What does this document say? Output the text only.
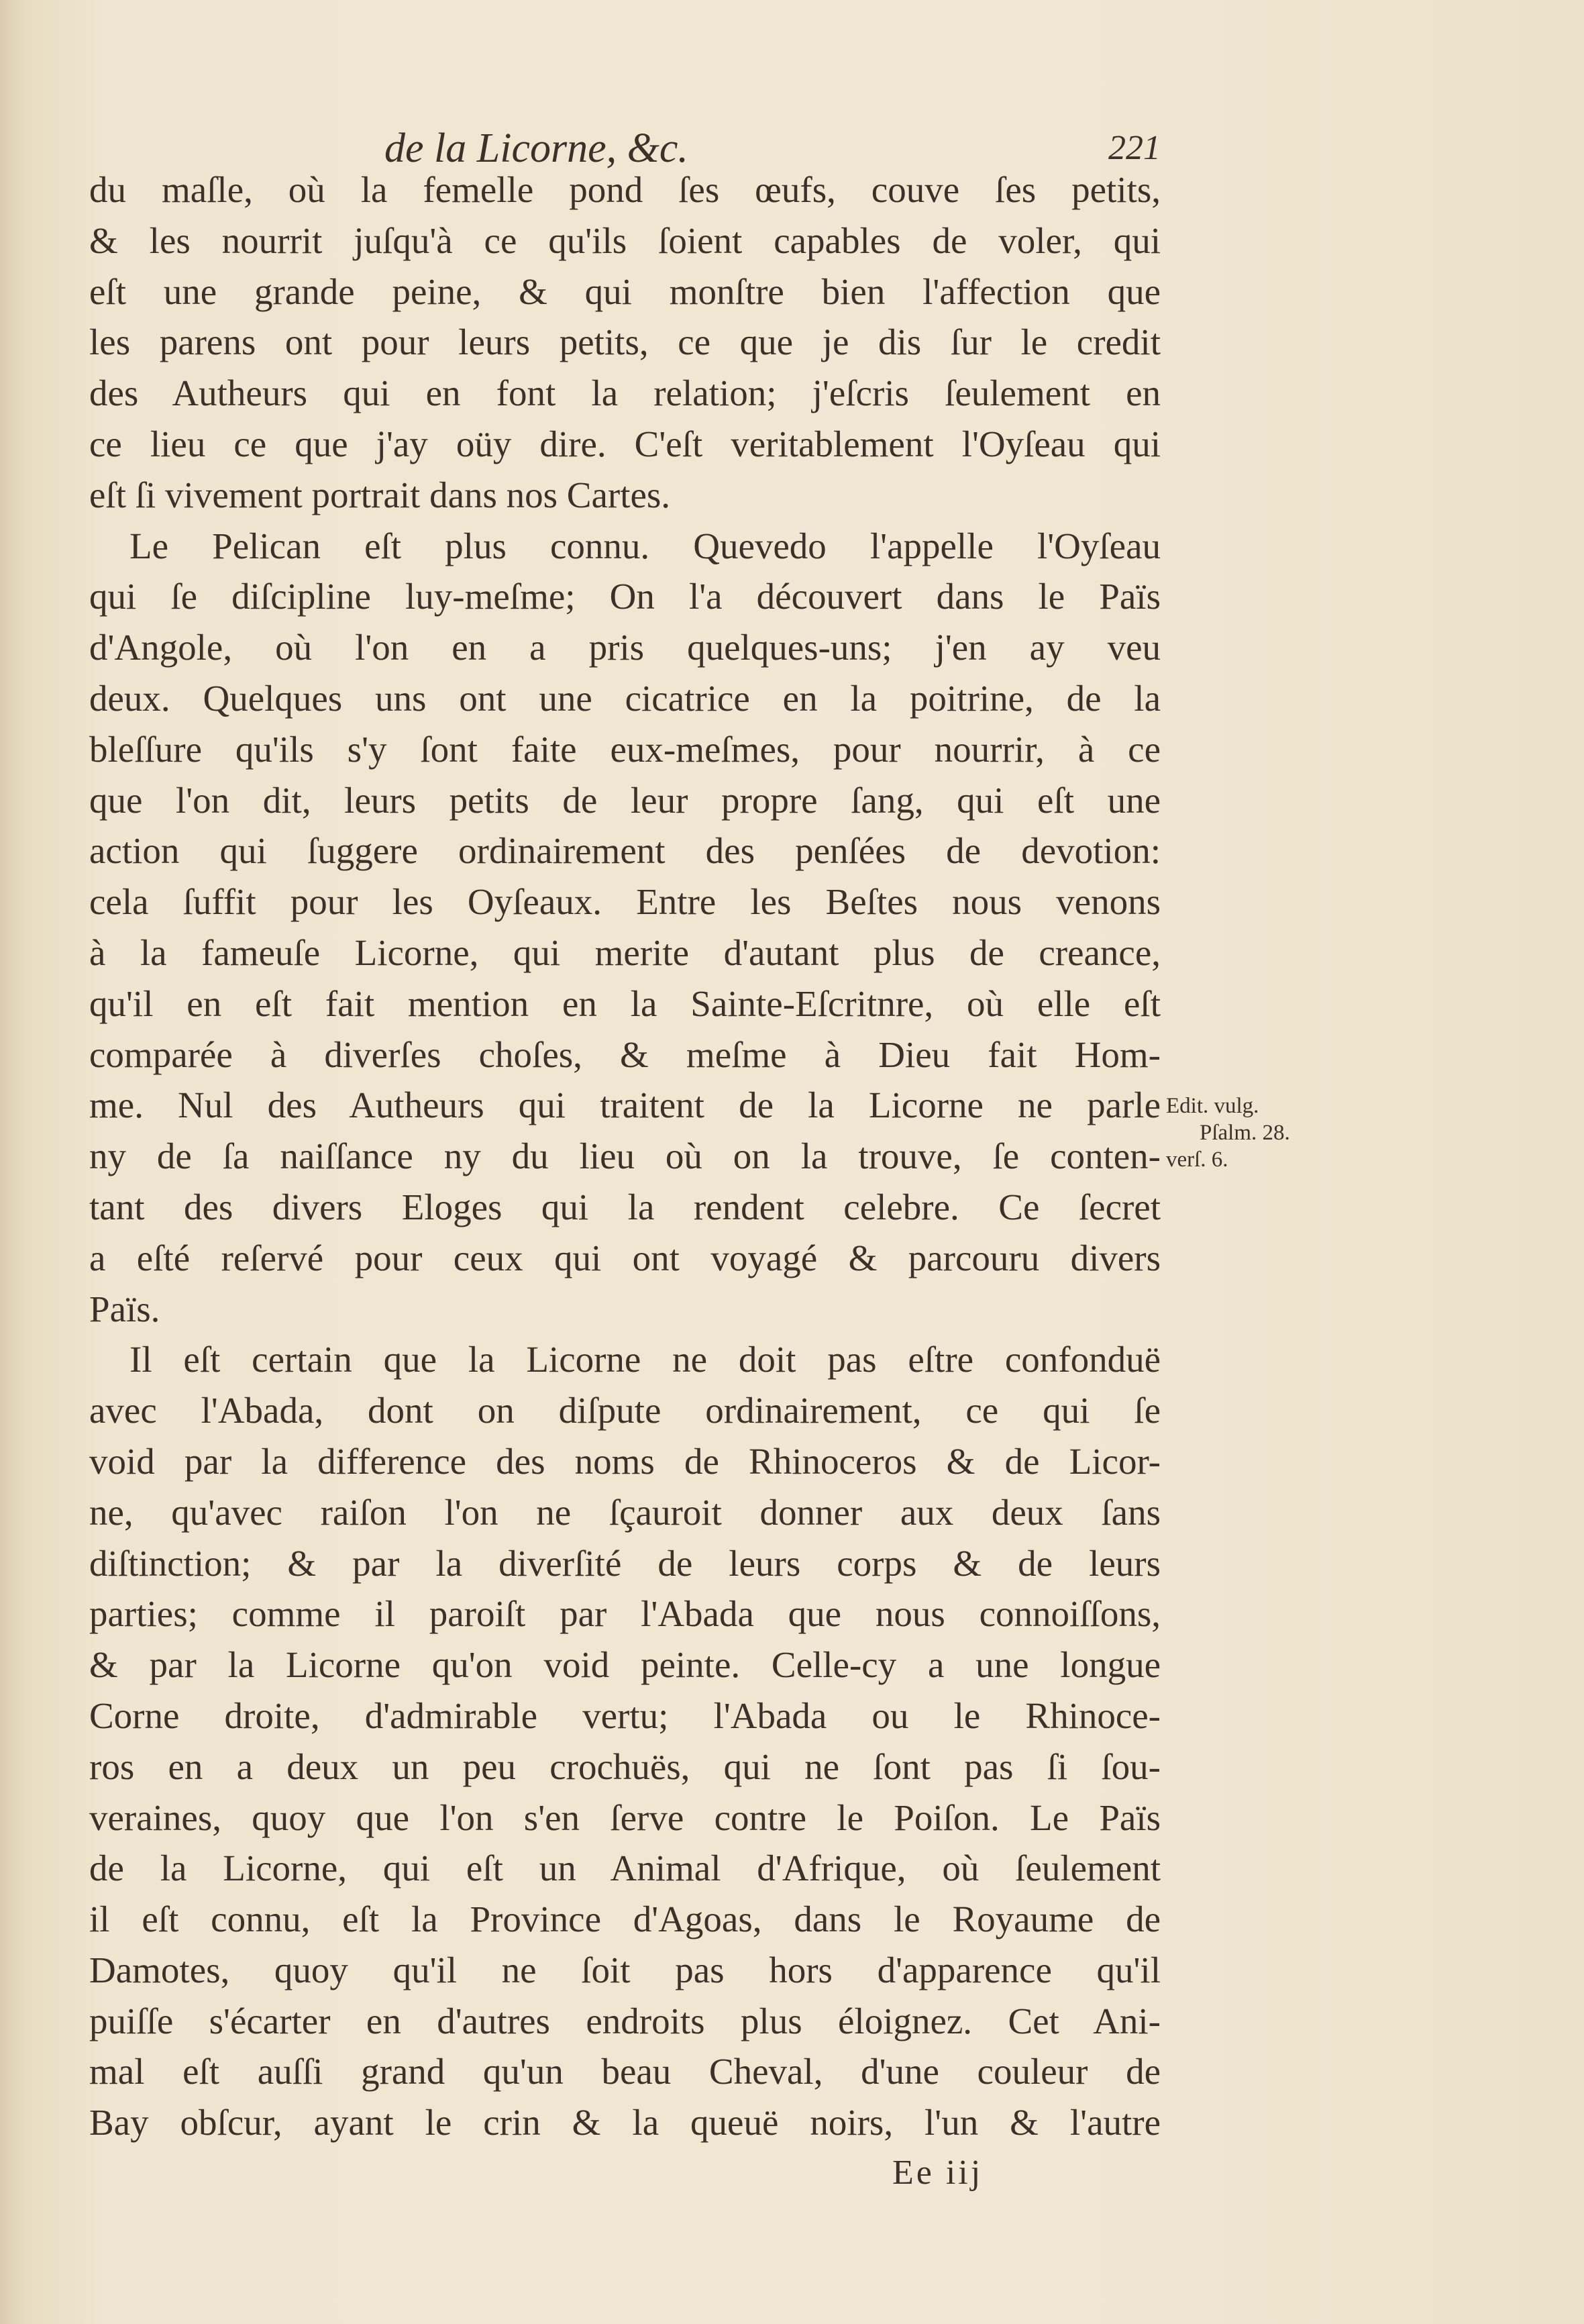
de la Licorne, &c.	221
du maſle, où la femelle pond ſes œufs, couve ſes petits,
& les nourrit juſqu'à ce qu'ils ſoient capables de voler, qui
eſt une grande peine, & qui monſtre bien l'affection que
les parens ont pour leurs petits, ce que je dis ſur le credit
des Autheurs qui en font la relation; j'eſcris ſeulement en
ce lieu ce que j'ay oüy dire. C'eſt veritablement l'Oyſeau qui
eſt ſi vivement portrait dans nos Cartes.
Le Pelican eſt plus connu. Quevedo l'appelle l'Oyſeau
qui ſe diſcipline luy-meſme; On l'a découvert dans le Païs
d'Angole, où l'on en a pris quelques-uns; j'en ay veu
deux. Quelques uns ont une cicatrice en la poitrine, de la
bleſſure qu'ils s'y ſont faite eux-meſmes, pour nourrir, à ce
que l'on dit, leurs petits de leur propre ſang, qui eſt une
action qui ſuggere ordinairement des penſées de devotion:
cela ſuffit pour les Oyſeaux. Entre les Beſtes nous venons
à la fameuſe Licorne, qui merite d'autant plus de creance,
qu'il en eſt fait mention en la Sainte-Eſcritnre, où elle eſt
comparée à diverſes choſes, & meſme à Dieu fait Hom-
me. Nul des Autheurs qui traitent de la Licorne ne parle
ny de ſa naiſſance ny du lieu où on la trouve, ſe conten-
tant des divers Eloges qui la rendent celebre. Ce ſecret
a eſté reſervé pour ceux qui ont voyagé & parcouru divers
Païs.
Il eſt certain que la Licorne ne doit pas eſtre confonduë
avec l'Abada, dont on diſpute ordinairement, ce qui ſe
void par la difference des noms de Rhinoceros & de Licor-
ne, qu'avec raiſon l'on ne ſçauroit donner aux deux ſans
diſtinction; & par la diverſité de leurs corps & de leurs
parties; comme il paroiſt par l'Abada que nous connoiſſons,
& par la Licorne qu'on void peinte. Celle-cy a une longue
Corne droite, d'admirable vertu; l'Abada ou le Rhinoce-
ros en a deux un peu crochuës, qui ne ſont pas ſi ſou-
veraines, quoy que l'on s'en ſerve contre le Poiſon. Le Païs
de la Licorne, qui eſt un Animal d'Afrique, où ſeulement
il eſt connu, eſt la Province d'Agoas, dans le Royaume de
Damotes, quoy qu'il ne ſoit pas hors d'apparence qu'il
puiſſe s'écarter en d'autres endroits plus éloignez. Cet Ani-
mal eſt auſſi grand qu'un beau Cheval, d'une couleur de
Bay obſcur, ayant le crin & la queuë noirs, l'un & l'autre
Edit. vulg.
Pſalm. 28.
verſ. 6.
Ee iij
